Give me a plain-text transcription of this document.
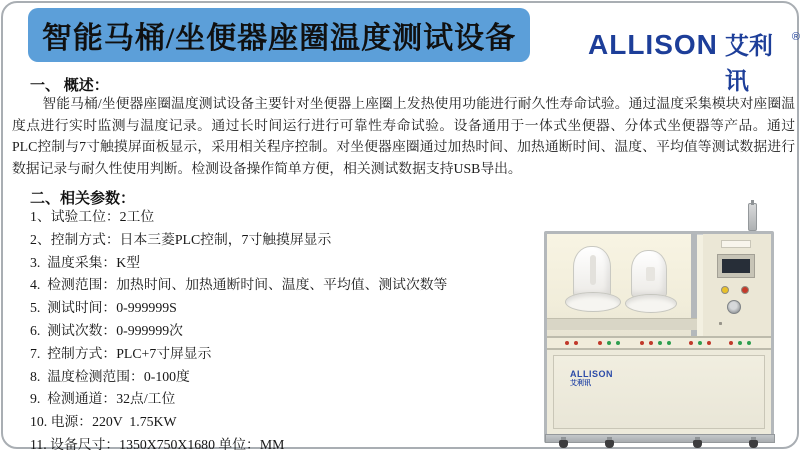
智能马桶/坐便器座圈温度测试设备	ALLISON 艾利讯
®
一、 概述：
智能马桶/坐便器座圈温度测试设备主要针对坐便器上座圈上发热使用功能进行耐久性寿命试验。通过温度采集模块对座圈温度点进行实时监测与温度记录。通过长时间运行进行可靠性寿命试验。设备通用于一体式坐便器、分体式坐便器等产品。通过PLC控制与7寸触摸屏面板显示，采用相关程序控制。对坐便器座圈通过加热时间、加热通断时间、温度、平均值等测试数据进行数据记录与耐久性使用判断。检测设备操作简单方便，相关测试数据支持USB导出。
二、相关参数：
1、试验工位：2工位
2、控制方式：日本三菱PLC控制，7寸触摸屏显示
3.  温度采集：K型
4.  检测范围：加热时间、加热通断时间、温度、平均值、测试次数等
5.  测试时间：0-999999S
6.  测试次数：0-999999次
7.  控制方式：PLC+7寸屏显示
8.  温度检测范围：0-100度
9.  检测通道：32点/工位
10. 电源：220V  1.75KW
11. 设备尺寸：1350X750X1680 单位：MM
ALLISON
艾利讯
